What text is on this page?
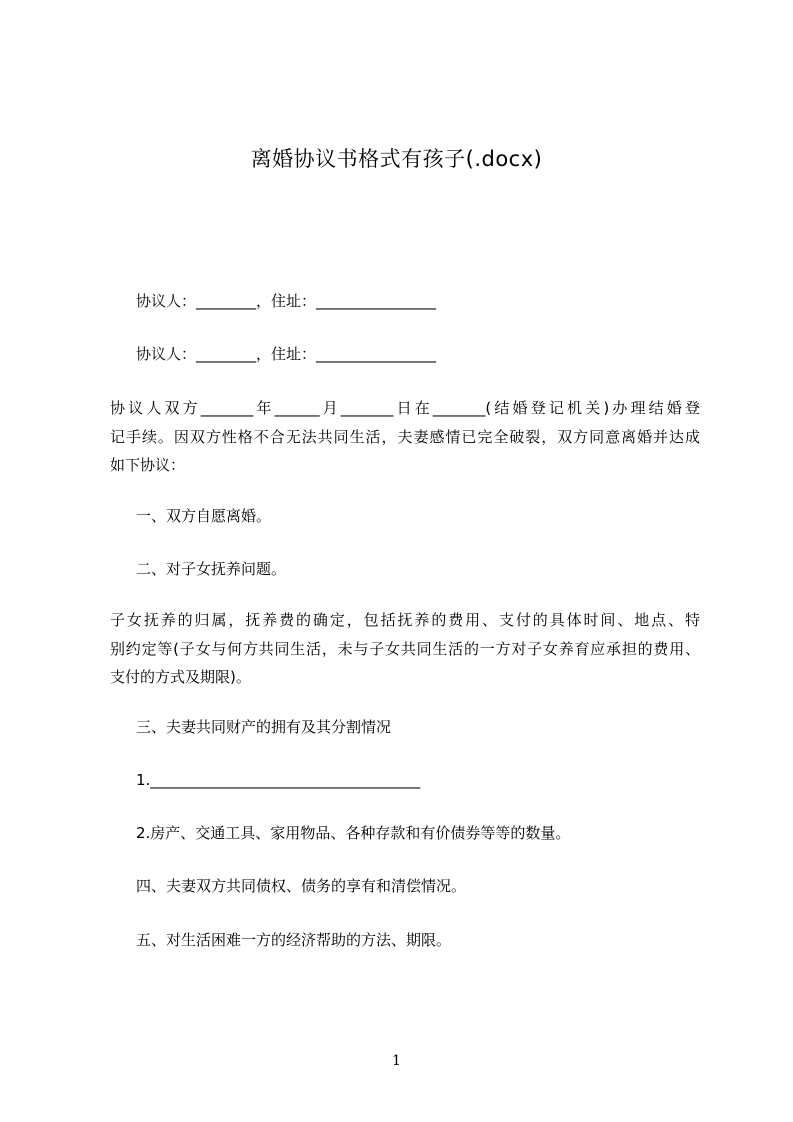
离婚协议书格式有孩子(.docx)
协议人：________，住址：________________
协议人：________，住址：________________
协议人双方_______年______月_______日在_______(结婚登记机关)办理结婚登
记手续。因双方性格不合无法共同生活，夫妻感情已完全破裂，双方同意离婚并达成
如下协议：
一、双方自愿离婚。
二、对子女抚养问题。
子女抚养的归属，抚养费的确定，包括抚养的费用、支付的具体时间、地点、特
别约定等(子女与何方共同生活，未与子女共同生活的一方对子女养育应承担的费用、
支付的方式及期限)。
三、夫妻共同财产的拥有及其分割情况
1.____________________________________
2.房产、交通工具、家用物品、各种存款和有价债券等等的数量。
四、夫妻双方共同债权、债务的享有和清偿情况。
五、对生活困难一方的经济帮助的方法、期限。
1
